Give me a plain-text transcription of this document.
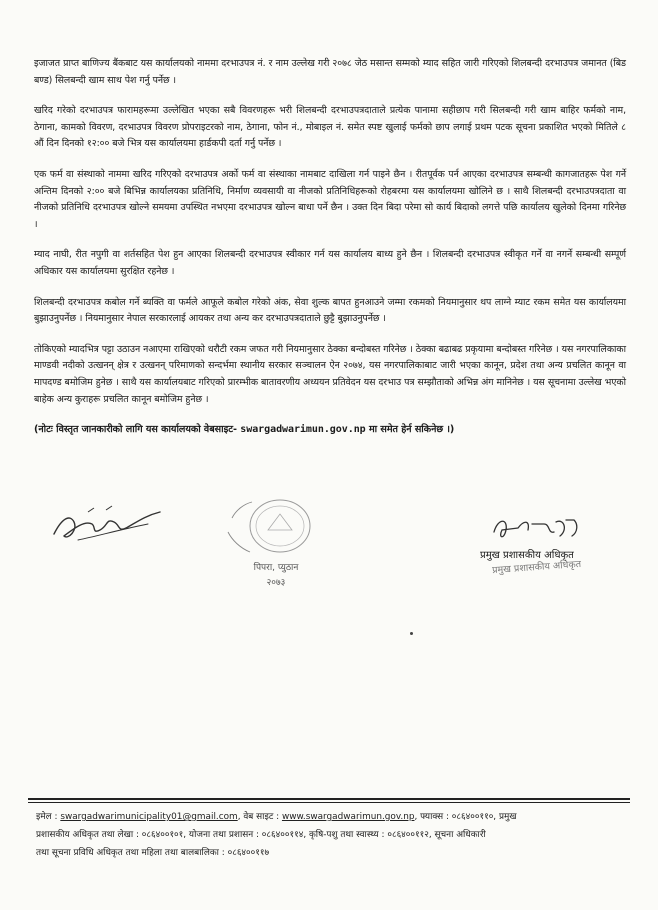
इजाजत प्राप्त बाणिज्य बैंकबाट यस कार्यालयको नाममा दरभाउपत्र नं. र नाम उल्लेख गरी २०७८ जेठ मसान्त सम्मको म्याद सहित जारी गरिएको शिलबन्दी दरभाउपत्र जमानत (बिड बण्ड) सिलबन्दी खाम साथ पेश गर्नु पर्नेछ ।

खरिद गरेको दरभाउपत्र फारामहरूमा उल्लेखित भएका सबै विवरणहरू भरी शिलबन्दी दरभाउपत्रदाताले प्रत्येक पानामा सहीछाप गरी सिलबन्दी गरी खाम बाहिर फर्मको नाम, ठेगाना, कामको विवरण, दरभाउपत्र विवरण प्रोपराइटरको नाम, ठेगाना, फोन नं., मोबाइल नं. समेत स्पष्ट खुलाई फर्मको छाप लगाई प्रथम पटक सूचना प्रकाशित भएको मितिले ८ औं दिन दिनको १२:०० बजे भित्र यस कार्यालयमा हार्डकपी दर्ता गर्नु पर्नेछ ।

एक फर्म वा संस्थाको नाममा खरिद गरिएको दरभाउपत्र अर्को फर्म वा संस्थाका नामबाट दाखिला गर्न पाइने छैन । रीतपूर्वक पर्न आएका दरभाउपत्र सम्बन्धी कागजातहरू पेश गर्ने अन्तिम दिनको २:०० बजे बिभिन्न कार्यालयका प्रतिनिधि, निर्माण व्यवसायी वा नीजको प्रतिनिधिहरूको रोहबरमा यस कार्यालयमा खोलिने छ । साथै शिलबन्दी दरभाउपत्रदाता वा नीजको प्रतिनिधि दरभाउपत्र खोल्ने समयमा उपस्थित नभएमा दरभाउपत्र खोल्न बाधा पर्ने छैन । उक्त दिन बिदा परेमा सो कार्य बिदाको लगत्ते पछि कार्यालय खुलेको दिनमा गरिनेछ ।

म्याद नाघी, रीत नपुगी वा शर्तसहित पेश हुन आएका शिलबन्दी दरभाउपत्र स्वीकार गर्न यस कार्यालय बाध्य हुने छैन । शिलबन्दी दरभाउपत्र स्वीकृत गर्ने वा नगर्ने सम्बन्धी सम्पूर्ण अधिकार यस कार्यालयमा सुरक्षित रहनेछ ।

शिलबन्दी दरभाउपत्र कबोल गर्ने ब्यक्ति वा फर्मले आफूले कबोल गरेको अंक, सेवा शुल्क बापत हुनआउने जम्मा रकमको नियमानुसार थप लाग्ने म्याट रकम समेत यस कार्यालयमा बुझाउनुपर्नेछ । नियमानुसार नेपाल सरकारलाई आयकर तथा अन्य कर दरभाउपत्रदाताले छुट्टै बुझाउनुपर्नेछ ।

तोकिएको म्यादभित्र पट्टा उठाउन नआएमा राखिएको धरौटी रकम जफत गरी नियमानुसार ठेक्का बन्दोबस्त गरिनेछ । ठेक्का बढाबढ प्रकृयामा बन्दोबस्त गरिनेछ । यस नगरपालिकाका माण्डवी नदीको उत्खनन् क्षेत्र र उत्खनन् परिमाणको सन्दर्भमा स्थानीय सरकार सञ्चालन ऐन २०७४, यस नगरपालिकाबाट जारी भएका कानून, प्रदेश तथा अन्य प्रचलित कानून वा मापदण्ड बमोजिम हुनेछ । साथै यस कार्यालयबाट गरिएको प्रारम्भीक बातावरणीय अध्ययन प्रतिवेदन यस दरभाउ पत्र सम्झौताको अभिन्न अंग मानिनेछ । यस सूचनामा उल्लेख भएको बाहेक अन्य कुराहरू प्रचलित कानून बमोजिम हुनेछ ।

(नोटः विस्तृत जानकारीको लागि यस कार्यालयको वेबसाइट- swargadwarimun.gov.np मा समेत हेर्न सकिनेछ ।)

पिपरा, प्युठान
२०७३
प्रमुख प्रशासकीय अधिकृत
प्रमुख प्रशासकीय अधिकृत
इमेल : swargadwarimunicipality01@gmail.com, वेब साइट : www.swargadwarimun.gov.np, फ्याक्स : ०८६४००११०, प्रमुख
प्रशासकीय अधिकृत तथा लेखा : ०८६४००१०१, योजना तथा प्रशासन : ०८६४००११४, कृषि-पशु तथा स्वास्थ्य : ०८६४००११२, सूचना अधिकारी
तथा सूचना प्रविधि अधिकृत तथा महिला तथा बालबालिका : ०८६४००११७
